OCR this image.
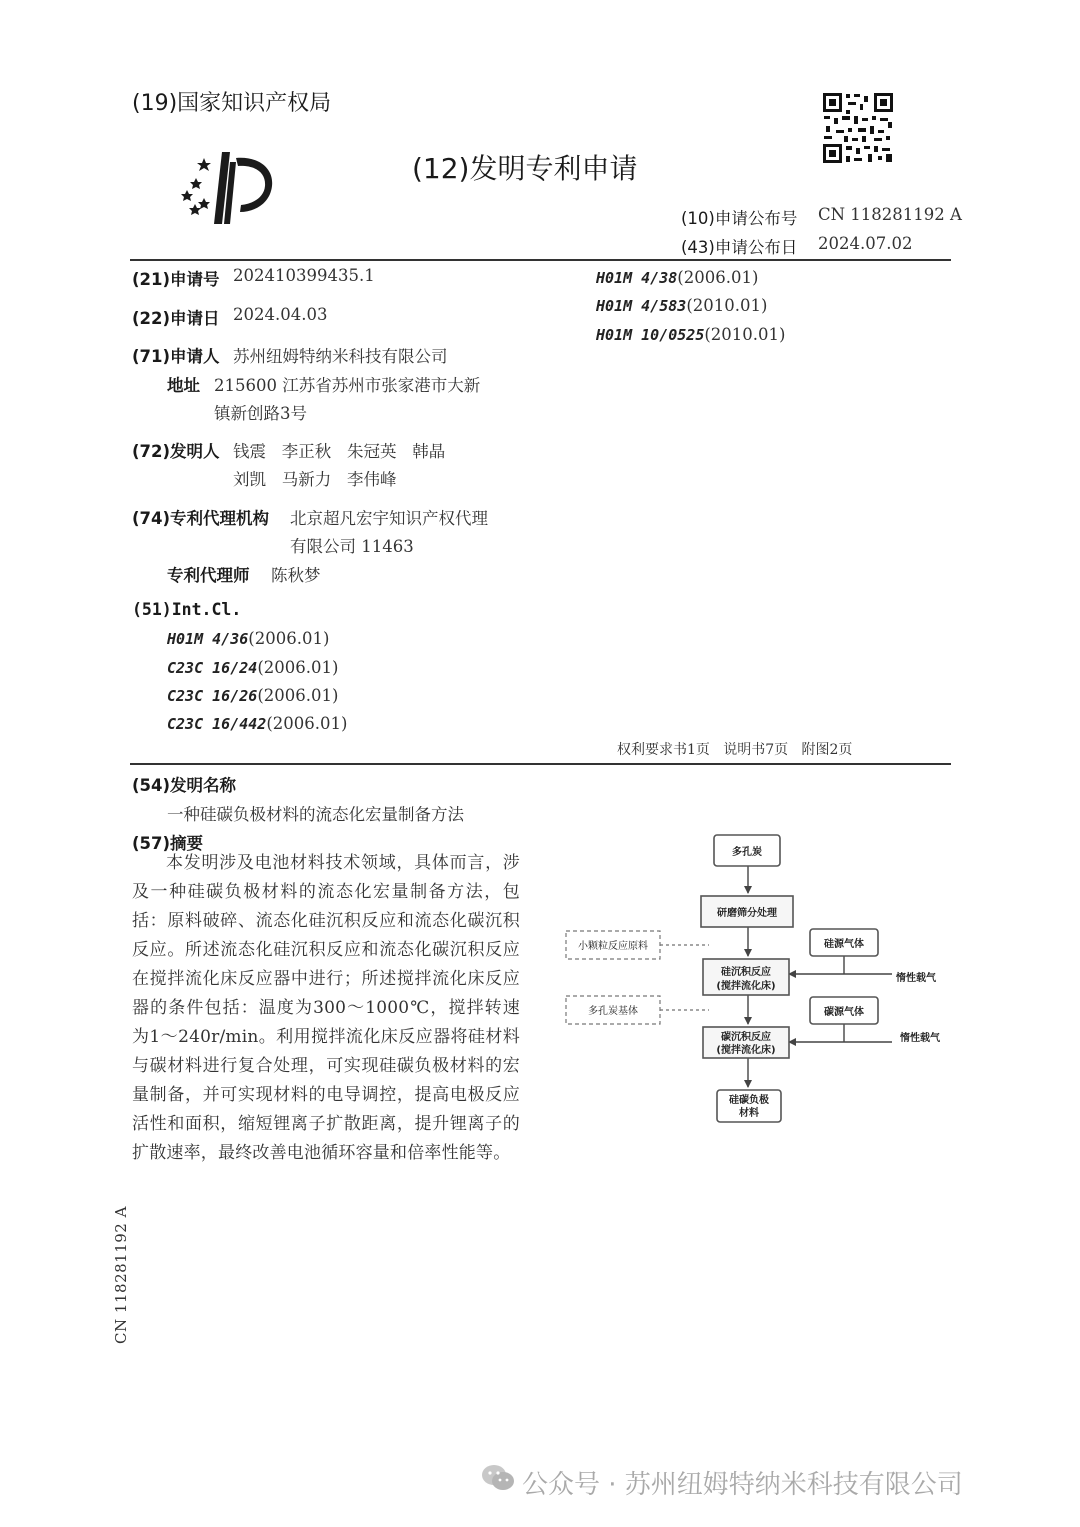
(19)国家知识产权局
(12)发明专利申请
(10)申请公布号 CN 118281192 A
(43)申请公布日 2024.07.02
(21)申请号 202410399435.1
(22)申请日 2024.04.03
(71)申请人 苏州纽姆特纳米科技有限公司
地址 215600 江苏省苏州市张家港市大新
镇新创路3号
(72)发明人 钱震   李正秋   朱冠英   韩晶
刘凯   马新力   李伟峰
(74)专利代理机构 北京超凡宏宇知识产权代理
有限公司 11463
专利代理师 陈秋梦
(51)Int.Cl.
H01M 4/36(2006.01)
C23C 16/24(2006.01)
C23C 16/26(2006.01)
C23C 16/442(2006.01)
H01M 4/38(2006.01)
H01M 4/583(2010.01)
H01M 10/0525(2010.01)
权利要求书1页   说明书7页   附图2页
(54)发明名称
一种硅碳负极材料的流态化宏量制备方法
(57)摘要
本发明涉及电池材料技术领域，具体而言，涉及一种硅碳负极材料的流态化宏量制备方法，包括：原料破碎、流态化硅沉积反应和流态化碳沉积反应。所述流态化硅沉积反应和流态化碳沉积反应在搅拌流化床反应器中进行；所述搅拌流化床反应器的条件包括：温度为300～1000℃，搅拌转速为1～240r/min。利用搅拌流化床反应器将硅材料与碳材料进行复合处理，可实现硅碳负极材料的宏量制备，并可实现材料的电导调控，提高电极反应活性和面积，缩短锂离子扩散距离，提升锂离子的扩散速率，最终改善电池循环容量和倍率性能等。
CN 118281192 A
多孔炭
研磨筛分处理
小颗粒反应原料	硅源气体
硅沉积反应
(搅拌流化床)
惰性载气
多孔炭基体	碳源气体
碳沉积反应
(搅拌流化床)
惰性载气
硅碳负极
材料
公众号 · 苏州纽姆特纳米科技有限公司
